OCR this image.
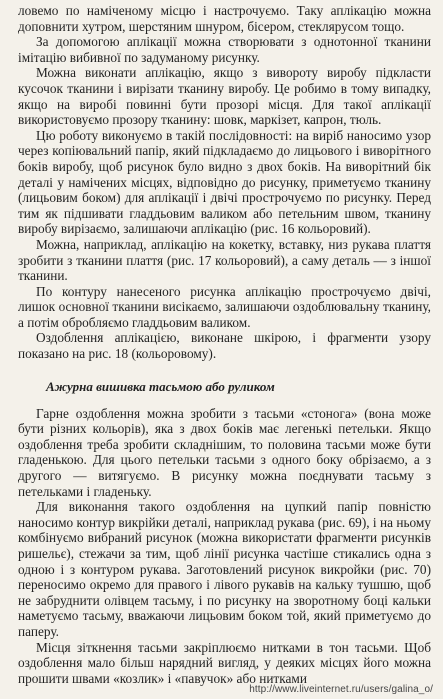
ловемо по наміченому місцю і настрочуємо. Таку аплікацію можна доповнити хутром, шерстяним шнуром, бісером, стеклярусом тощо.

За допомогою аплікації можна створювати з однотонної тканини імітацію вибивної по задуманому рисунку.

Можна виконати аплікацію, якщо з вивороту виробу підкласти кусочок тканини і вирізати тканину виробу. Це робимо в тому випадку, якщо на виробі повинні бути прозорі місця. Для такої аплікації використовуємо прозору тканину: шовк, маркізет, капрон, тюль.

Цю роботу виконуємо в такій послідовності: на виріб наносимо узор через копіювальний папір, який підкладаємо до лицьового і виворітного боків виробу, щоб рисунок було видно з двох боків. На виворітний бік деталі у намічених місцях, відповідно до рисунку, приметуємо тканину (лицьовим боком) для аплікації і двічі прострочуємо по рисунку. Перед тим як підшивати гладдьовим валиком або петельним швом, тканину виробу вирізаємо, залишаючи аплікацію (рис. 16 кольоровий).

Можна, наприклад, аплікацію на кокетку, вставку, низ рукава плаття зробити з тканини плаття (рис. 17 кольоровий), а саму деталь — з іншої тканини.

По контуру нанесеного рисунка аплікацію прострочуємо двічі, лишок основної тканини висікаємо, залишаючи оздоблювальну тканину, а потім обробляємо гладдьовим валиком.

Оздоблення аплікацією, виконане шкірою, і фрагменти узору показано на рис. 18 (кольоровому).

Ажурна вишивка тасьмою або руликом

Гарне оздоблення можна зробити з тасьми «стонога» (вона може бути різних кольорів), яка з двох боків має легенькі петельки. Якщо оздоблення треба зробити складнішим, то половина тасьми може бути гладенькою. Для цього петельки тасьми з одного боку обрізаємо, а з другого — витягуємо. В рисунку можна поєднувати тасьму з петельками і гладеньку.

Для виконання такого оздоблення на цупкий папір повністю наносимо контур викрійки деталі, наприклад рукава (рис. 69), і на ньому комбінуємо вибраний рисунок (можна використати фрагменти рисунків ришельє), стежачи за тим, щоб лінії рисунка частіше стикались одна з одною і з контуром рукава. Заготовлений рисунок викройки (рис. 70) переносимо окремо для правого і лівого рукавів на кальку тушшю, щоб не забруднити олівцем тасьму, і по рисунку на зворотному боці кальки наметуємо тасьму, вважаючи лицьовим боком той, який приметуємо до паперу.

Місця зіткнення тасьми закріплюємо нитками в тон тасьми. Щоб оздоблення мало більш нарядний вигляд, у деяких місцях його можна прошити швами «козлик» і «павучок» або нитками

http://www.liveinternet.ru/users/galina_o/
